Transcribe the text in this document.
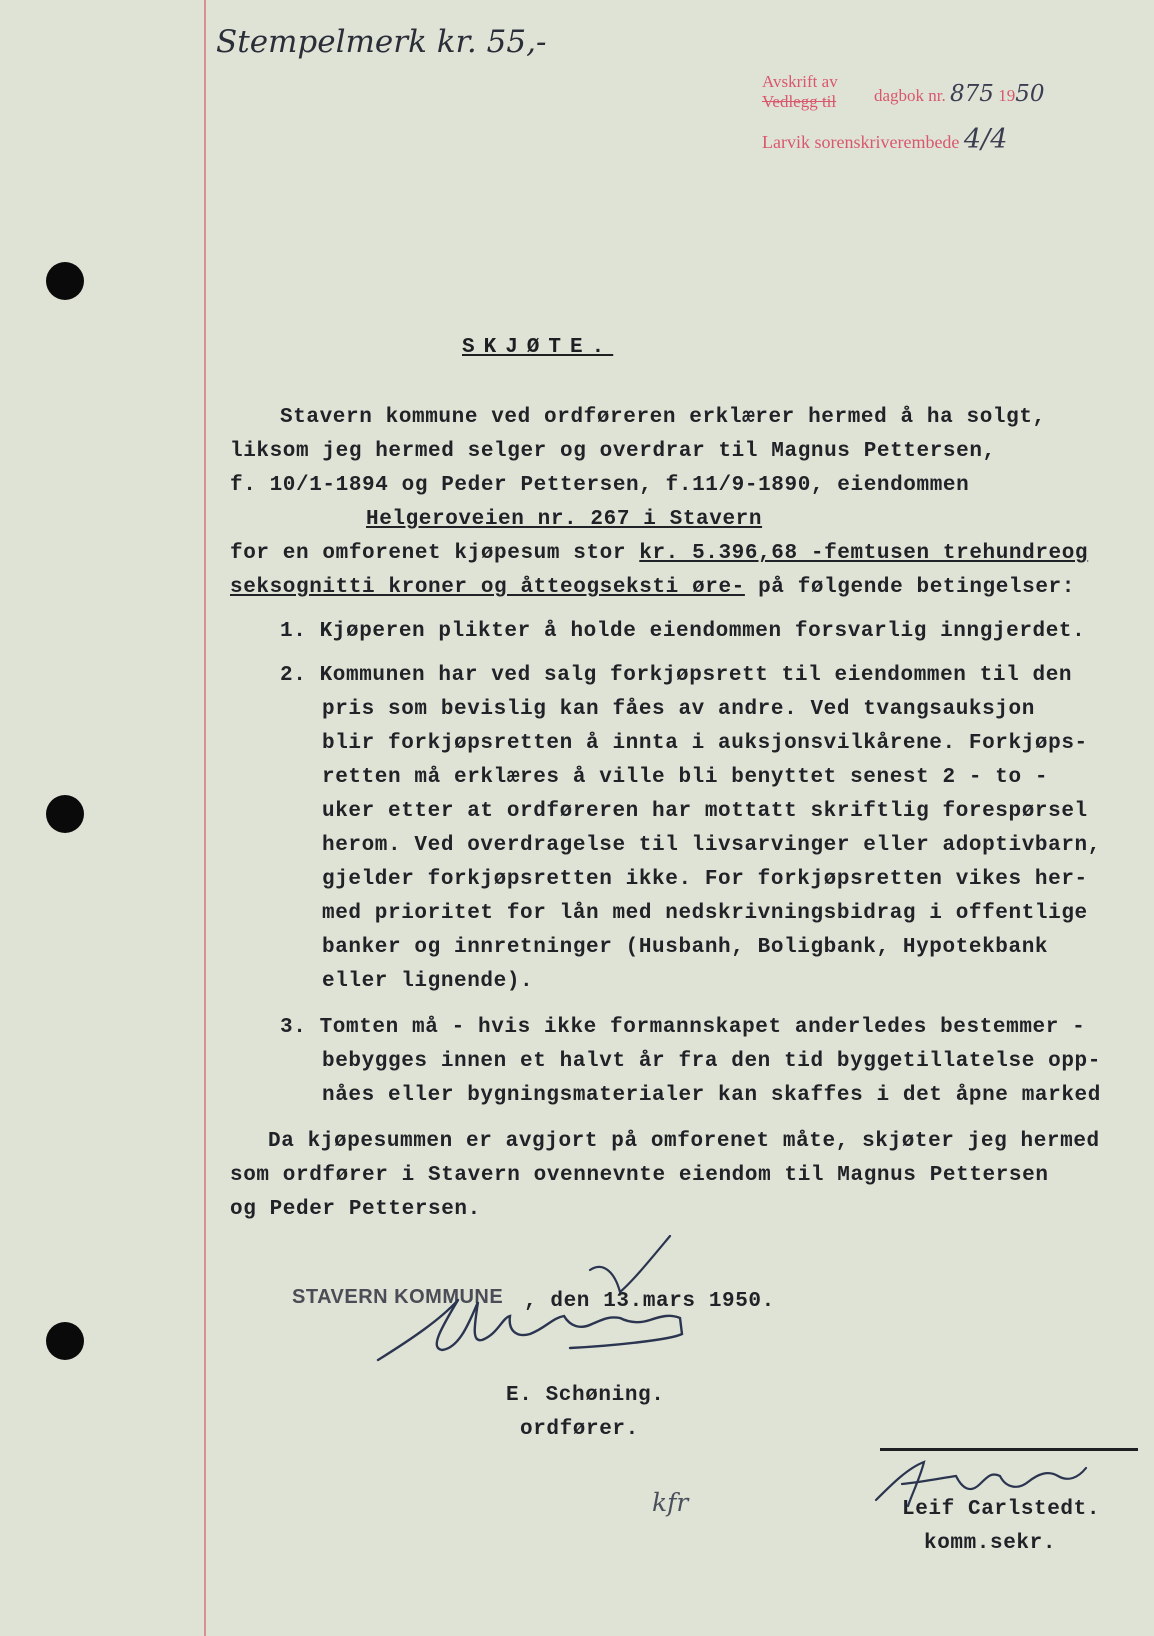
Stempelmerk kr. 55,-
Avskrift av
Vedlegg til dagbok nr. 875 1950
Larvik sorenskriverembede 4/4
SKJØTE.
Stavern kommune ved ordføreren erklærer hermed å ha solgt,
liksom jeg hermed selger og overdrar til Magnus Pettersen,
f. 10/1-1894 og Peder Pettersen, f.11/9-1890, eiendommen
Helgeroveien nr. 267 i Stavern
for en omforenet kjøpesum stor kr. 5.396,68 -femtusen trehundreog
seksognitti kroner og åtteogseksti øre- på følgende betingelser:
1. Kjøperen plikter å holde eiendommen forsvarlig inngjerdet.
2. Kommunen har ved salg forkjøpsrett til eiendommen til den
pris som bevislig kan fåes av andre. Ved tvangsauksjon
blir forkjøpsretten å innta i auksjonsvilkårene. Forkjøps-
retten må erklæres å ville bli benyttet senest 2 - to -
uker etter at ordføreren har mottatt skriftlig forespørsel
herom. Ved overdragelse til livsarvinger eller adoptivbarn,
gjelder forkjøpsretten ikke. For forkjøpsretten vikes her-
med prioritet for lån med nedskrivningsbidrag i offentlige
banker og innretninger (Husbanh, Boligbank, Hypotekbank
eller lignende).
3. Tomten må - hvis ikke formannskapet anderledes bestemmer -
bebygges innen et halvt år fra den tid byggetillatelse opp-
nåes eller bygningsmaterialer kan skaffes i det åpne marked
Da kjøpesummen er avgjort på omforenet måte, skjøter jeg hermed
som ordfører i Stavern ovennevnte eiendom til Magnus Pettersen
og Peder Pettersen.
STAVERN KOMMUNE , den 13.mars 1950.
E. Schøning.
ordfører.
kfr	Leif Carlstedt.
komm.sekr.
